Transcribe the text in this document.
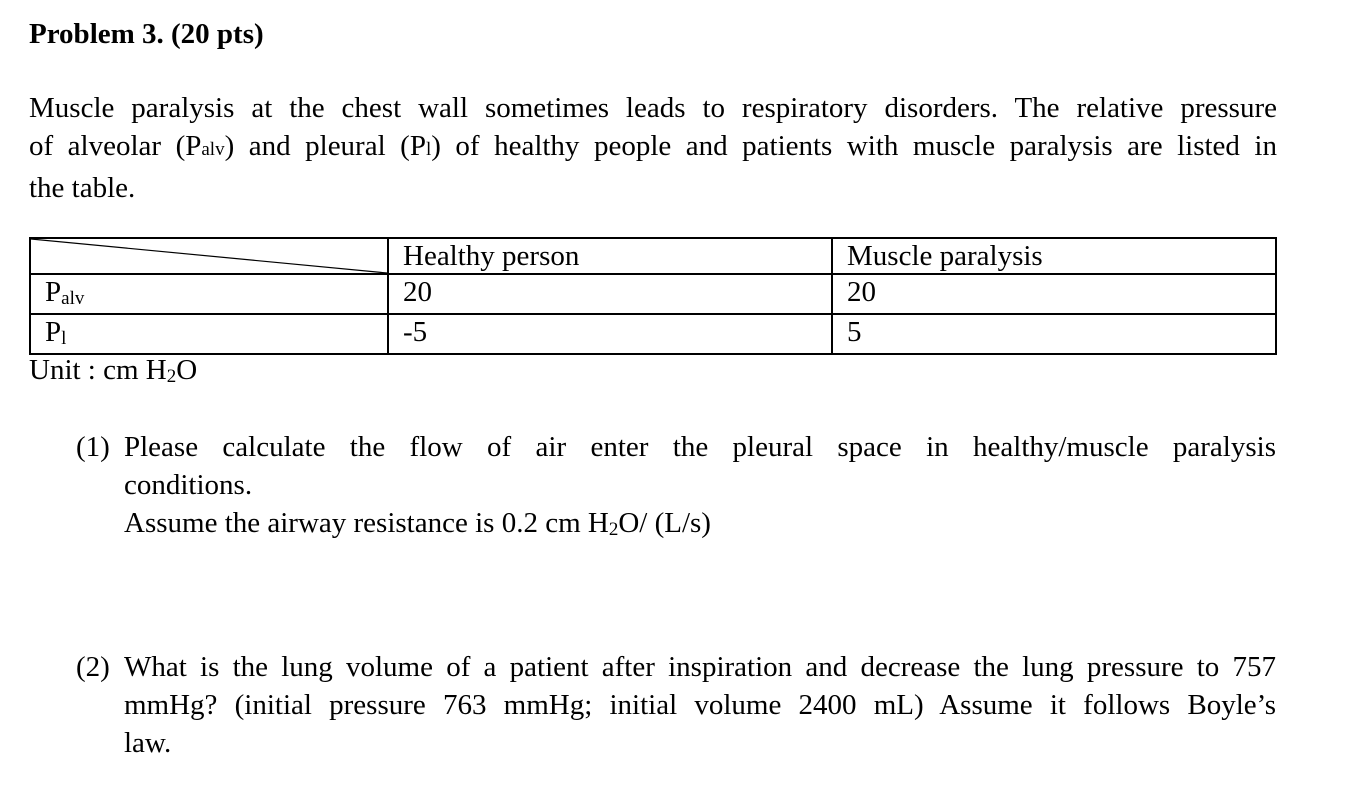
Problem 3. (20 pts)
Muscle paralysis at the chest wall sometimes leads to respiratory disorders. The relative pressure
of alveolar (Palv) and pleural (Pl) of healthy people and patients with muscle paralysis are listed in
the table.
	Healthy person	Muscle paralysis
$P_{alv}$	20	20
$P_l$	-5	5
Unit : cm $H_2O$
(1) Please calculate the flow of air enter the pleural space in healthy/muscle paralysis
conditions.
Assume the airway resistance is 0.2 cm $H_2O/$ (L/s)
(2) What is the lung volume of a patient after inspiration and decrease the lung pressure to 757
mmHg? (initial pressure 763 mmHg; initial volume 2400 mL) Assume it follows Boyle’s
law.
